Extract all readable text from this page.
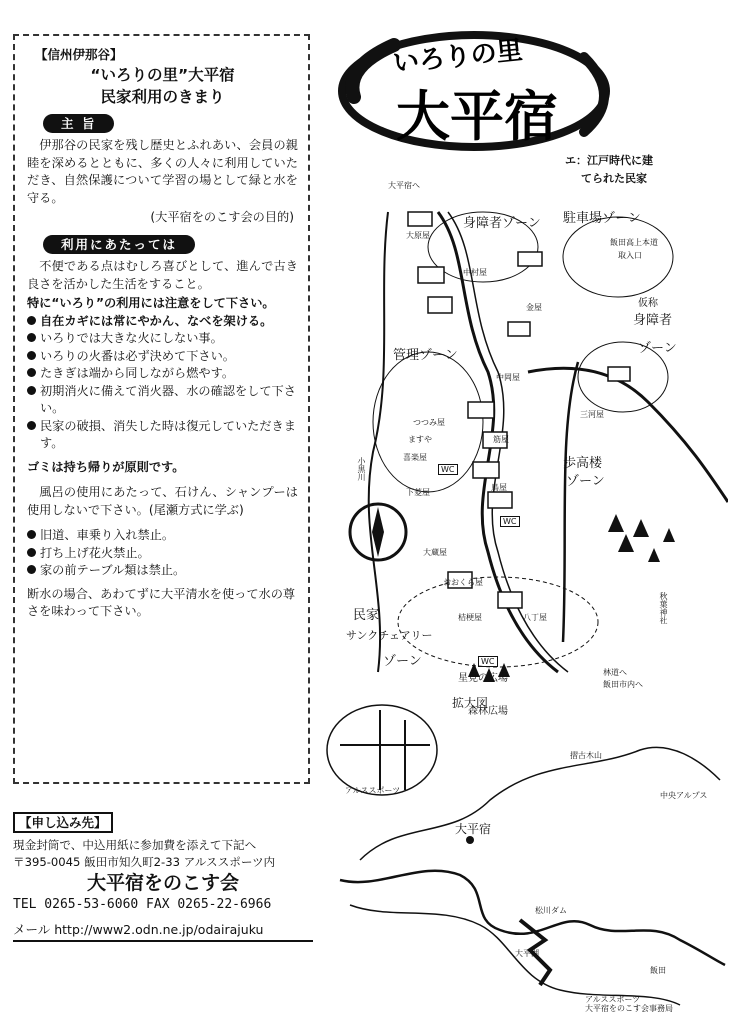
【信州伊那谷】
“いろりの里”大平宿
民家利用のきまり
主 旨
伊那谷の民家を残し歴史とふれあい、会員の親睦を深めるとともに、多くの人々に利用していただき、自然保護について学習の場として緑と水を守る。
(大平宿をのこす会の目的)
利用にあたっては
不便である点はむしろ喜びとして、進んで古き良さを活かした生活をすること。
特に“いろり”の利用には注意をして下さい。
自在カギには常にやかん、なべを架ける。
いろりでは大きな火にしない事。
いろりの火番は必ず決めて下さい。
たきぎは端から同しながら燃やす。
初期消火に備えて消火器、水の確認をして下さい。
民家の破損、消失した時は復元していただきます。
ゴミは持ち帰りが原則です。
風呂の使用にあたって、石けん、シャンプーは使用しないで下さい。(尾瀬方式に学ぶ)
旧道、車乗り入れ禁止。
打ち上げ花火禁止。
家の前テーブル類は禁止。
断水の場合、あわてずに大平清水を使って水の尊さを味わって下さい。
【申し込み先】
現金封筒で、中込用紙に参加費を添えて下記へ
〒395-0045 飯田市知久町2-33 アルススポーツ内
大平宿をのこす会
TEL 0265-53-6060 FAX 0265-22-6966
メール http://www2.odn.ne.jp/odairajuku
いろりの里
大平宿
エ：江戸時代に建
てられた民家
身障者ゾーン 駐車場ゾーン
飯田高上本道
取入口
仮称
身障者
ゾーン
管理ゾーン
歩高楼
ゾーン
民家
サンクチェアリー
ゾーン
大原屋
中村屋
つつみ屋
ますや
喜楽屋
下菱屋
大蔵屋
おおくら屋
桔梗屋	八丁屋
筋屋
中岡屋
三河屋
鳥屋
金屋
WC
WC
WC
星見の広場
森林広場
小黒川
秋葉神社
林道へ
飯田市内へ
大平宿へ
拡大図
アルススポーツ
アルススポーツ
大平宿をのこす会事務局
大平宿
摺古木山
中央アルプス
松川ダム
大平湖
飯田
